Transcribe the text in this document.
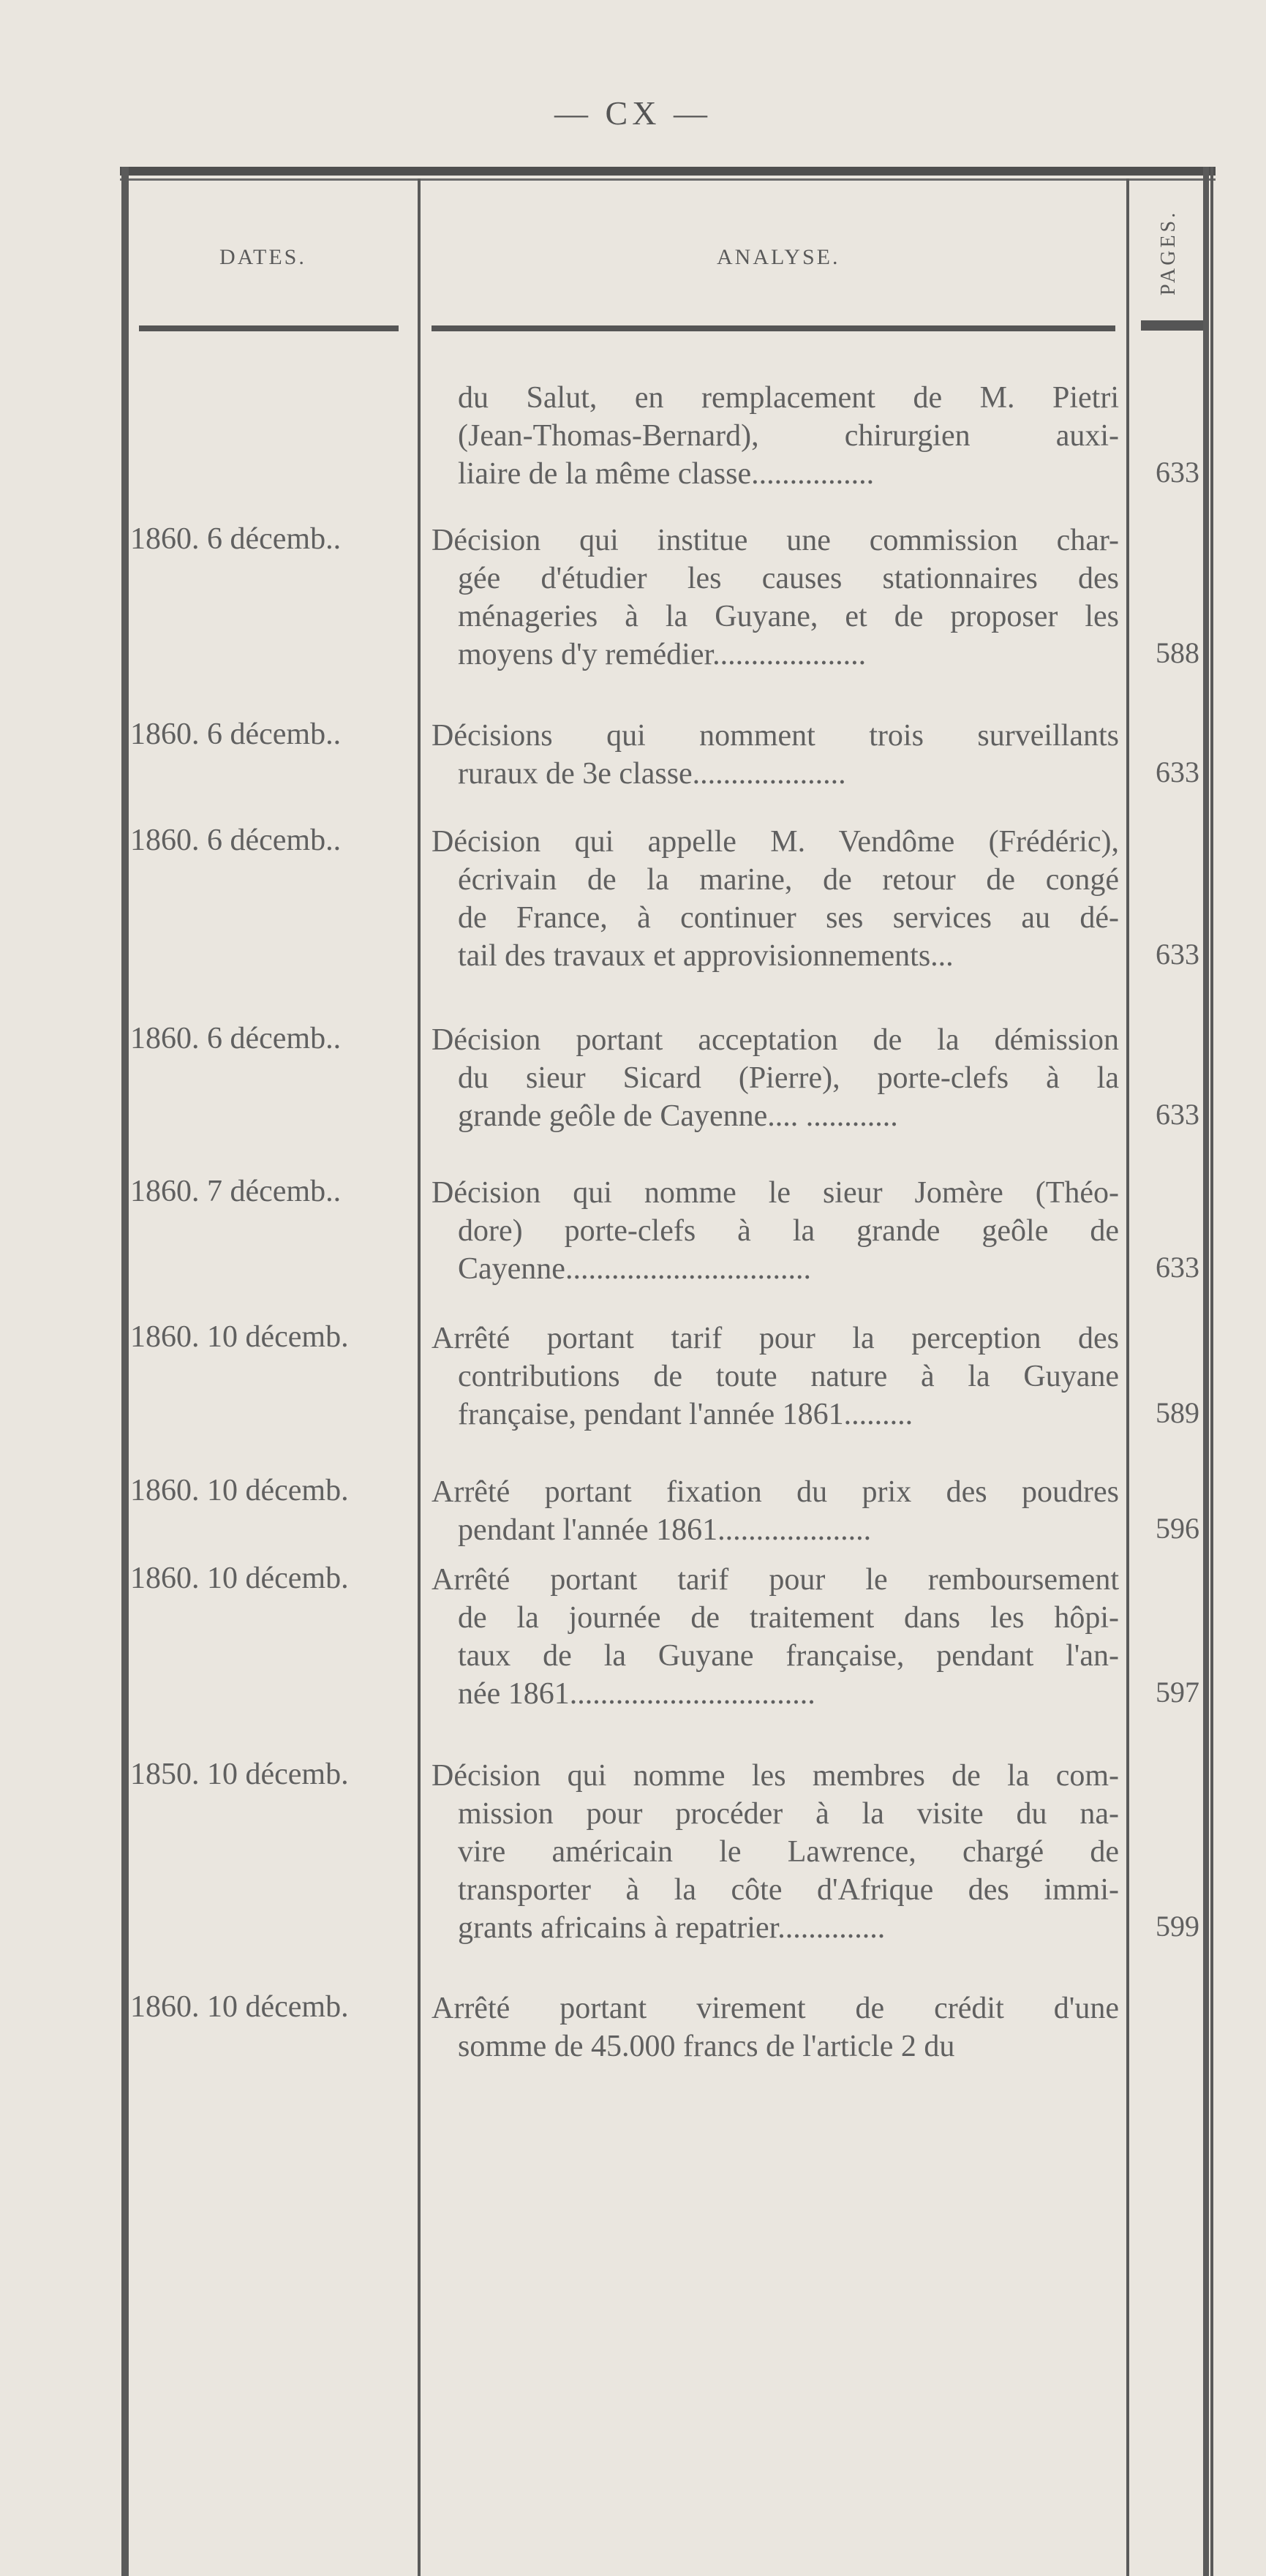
— CX —
DATES.	ANALYSE.	PAGES.
du Salut, en remplacement de M. Pietri
(Jean-Thomas-Bernard), chirurgien auxi-
liaire de la même classe................	633
1860. 6 décemb..	Décision qui institue une commission char-
gée d'étudier les causes stationnaires des
ménageries à la Guyane, et de proposer les
moyens d'y remédier....................	588
1860. 6 décemb..	Décisions qui nomment trois surveillants
ruraux de 3e classe....................	633
1860. 6 décemb..	Décision qui appelle M. Vendôme (Frédéric),
écrivain de la marine, de retour de congé
de France, à continuer ses services au dé-
tail des travaux et approvisionnements...	633
1860. 6 décemb..	Décision portant acceptation de la démission
du sieur Sicard (Pierre), porte-clefs à la
grande geôle de Cayenne.... ............	633
1860. 7 décemb..	Décision qui nomme le sieur Jomère (Théo-
dore) porte-clefs à la grande geôle de
Cayenne................................	633
1860. 10 décemb.	Arrêté portant tarif pour la perception des
contributions de toute nature à la Guyane
française, pendant l'année 1861.........	589
1860. 10 décemb.	Arrêté portant fixation du prix des poudres
pendant l'année 1861....................	596
1860. 10 décemb.	Arrêté portant tarif pour le remboursement
de la journée de traitement dans les hôpi-
taux de la Guyane française, pendant l'an-
née 1861................................	597
1850. 10 décemb.	Décision qui nomme les membres de la com-
mission pour procéder à la visite du na-
vire américain le Lawrence, chargé de
transporter à la côte d'Afrique des immi-
grants africains à repatrier..............	599
1860. 10 décemb.	Arrêté portant virement de crédit d'une
somme de 45.000 francs de l'article 2 du
